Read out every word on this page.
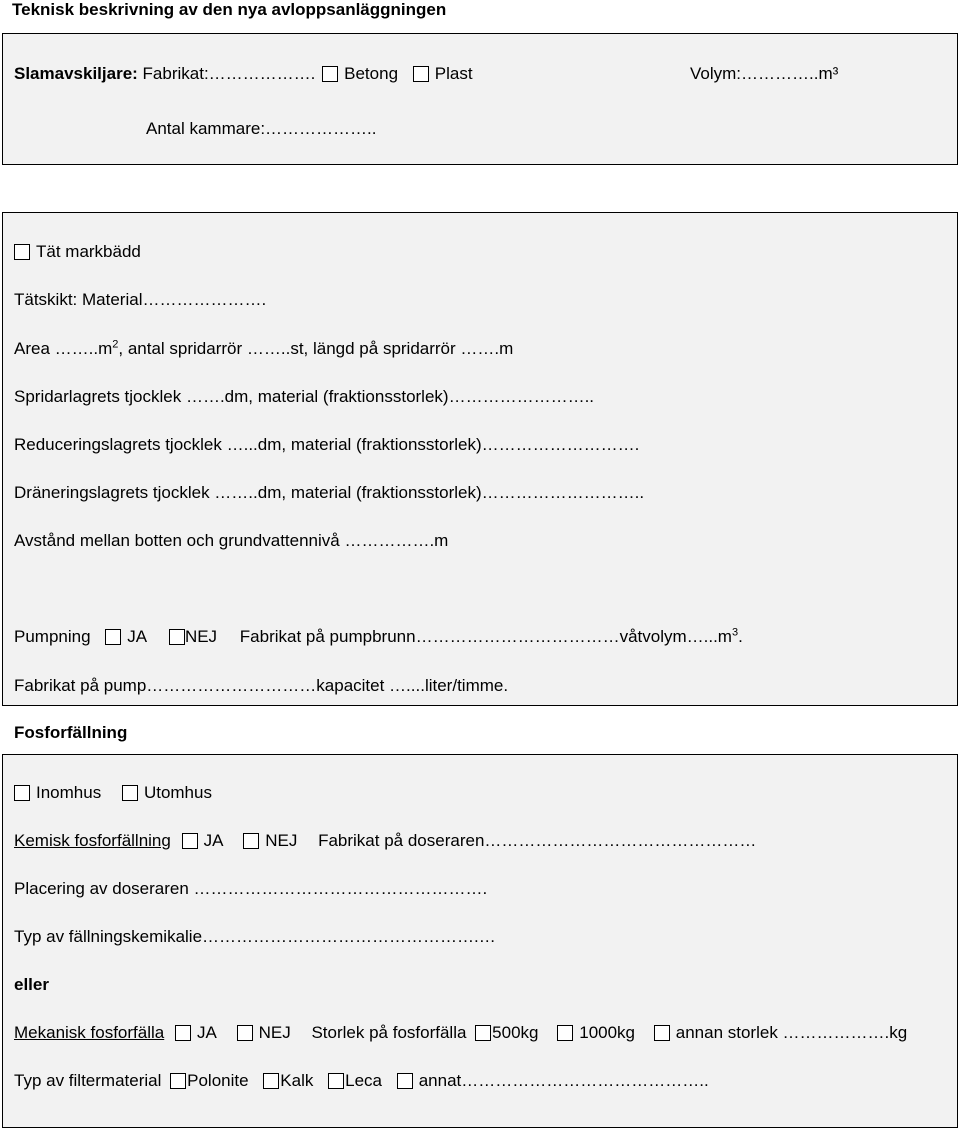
Teknisk beskrivning av den nya avloppsanläggningen
Slamavskiljare: Fabrikat:………………. Betong Plast	Volym:…………..m³
Antal kammare:………………..
Tät markbädd
Tätskikt: Material………………….
Area $\dots\dots..m^2$, antal spridarrör ……..st, längd på spridarrör …….m
Spridarlagrets tjocklek …….dm, material (fraktionsstorlek)……………………..
Reduceringslagrets tjocklek …...dm, material (fraktionsstorlek)……………………….
Dräneringslagrets tjocklek ……..dm, material (fraktionsstorlek)………………………..
Avstånd mellan botten och grundvattennivå …………….m
Pumpning JA NEJ Fabrikat på $pumpbrunn\dots\dots\dots\dots\dots\dots\dots\dots\dots\dots\dots\dots våtvolym\dots...m^3$.
Fabrikat på pump…………………………kapacitet …....liter/timme.
Fosforfällning
Inomhus	Utomhus
Kemisk fosforfällning JA	NEJ Fabrikat på doseraren…………………………………………
Placering av doseraren …………………………………………….
Typ av fällningskemikalie………………………………………….…
eller
Mekanisk fosforfälla JA	NEJ Storlek på fosforfälla 500kg 1000kg annan storlek ……………….kg
Typ av filtermaterial Polonite Kalk Leca annat……………………………………..
